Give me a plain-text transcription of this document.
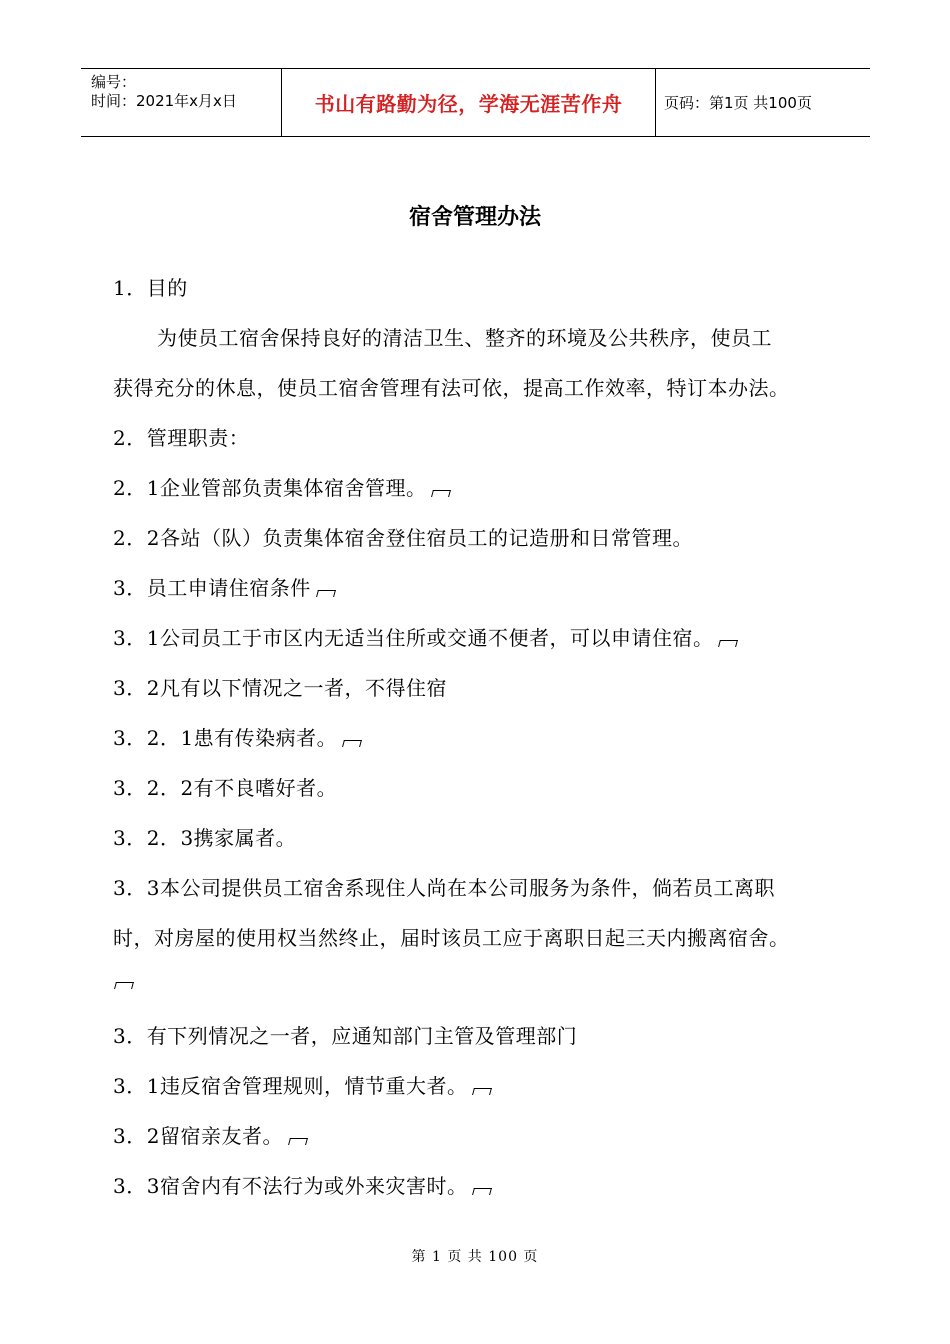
编号：
时间：2021年x月x日	书山有路勤为径，学海无涯苦作舟	页码：第1页 共100页
宿舍管理办法
1．目的
为使员工宿舍保持良好的清洁卫生、整齐的环境及公共秩序，使员工
获得充分的休息，使员工宿舍管理有法可依，提高工作效率，特订本办法。
2．管理职责：
2．1企业管部负责集体宿舍管理。
2．2各站（队）负责集体宿舍登住宿员工的记造册和日常管理。
3．员工申请住宿条件
3．1公司员工于市区内无适当住所或交通不便者，可以申请住宿。
3．2凡有以下情况之一者，不得住宿
3．2．1患有传染病者。
3．2．2有不良嗜好者。
3．2．3携家属者。
3．3本公司提供员工宿舍系现住人尚在本公司服务为条件，倘若员工离职
时，对房屋的使用权当然终止，届时该员工应于离职日起三天内搬离宿舍。
3．有下列情况之一者，应通知部门主管及管理部门
3．1违反宿舍管理规则，情节重大者。
3．2留宿亲友者。
3．3宿舍内有不法行为或外来灾害时。
第 1 页 共 100 页
